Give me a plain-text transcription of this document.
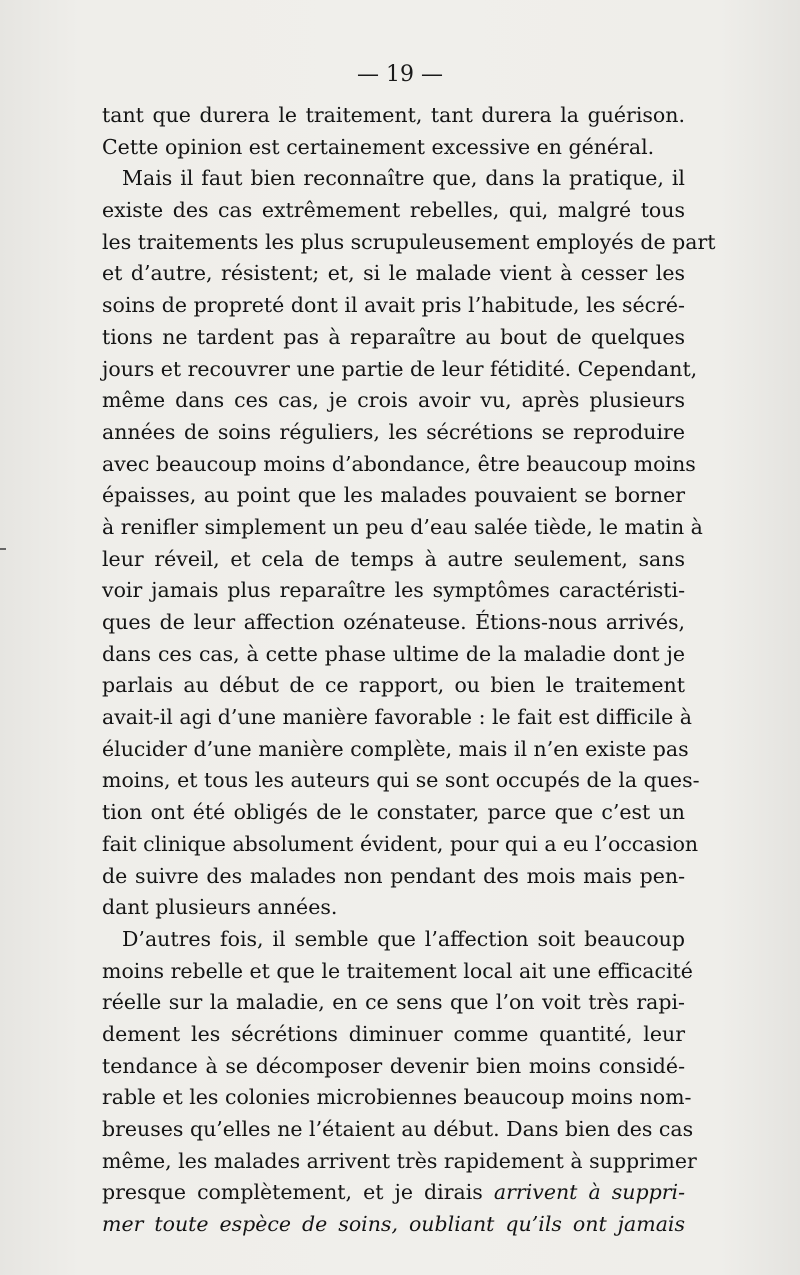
— 19 —
tant que durera le traitement, tant durera la guérison.
Cette opinion est certainement excessive en général.
Mais il faut bien reconnaître que, dans la pratique, il
existe des cas extrêmement rebelles, qui, malgré tous
les traitements les plus scrupuleusement employés de part
et d’autre, résistent; et, si le malade vient à cesser les
soins de propreté dont il avait pris l’habitude, les sécré-
tions ne tardent pas à reparaître au bout de quelques
jours et recouvrer une partie de leur fétidité. Cependant,
même dans ces cas, je crois avoir vu, après plusieurs
années de soins réguliers, les sécrétions se reproduire
avec beaucoup moins d’abondance, être beaucoup moins
épaisses, au point que les malades pouvaient se borner
à renifler simplement un peu d’eau salée tiède, le matin à
leur réveil, et cela de temps à autre seulement, sans
voir jamais plus reparaître les symptômes caractéristi-
ques de leur affection ozénateuse. Étions-nous arrivés,
dans ces cas, à cette phase ultime de la maladie dont je
parlais au début de ce rapport, ou bien le traitement
avait-il agi d’une manière favorable : le fait est difficile à
élucider d’une manière complète, mais il n’en existe pas
moins, et tous les auteurs qui se sont occupés de la ques-
tion ont été obligés de le constater, parce que c’est un
fait clinique absolument évident, pour qui a eu l’occasion
de suivre des malades non pendant des mois mais pen-
dant plusieurs années.
D’autres fois, il semble que l’affection soit beaucoup
moins rebelle et que le traitement local ait une efficacité
réelle sur la maladie, en ce sens que l’on voit très rapi-
dement les sécrétions diminuer comme quantité, leur
tendance à se décomposer devenir bien moins considé-
rable et les colonies microbiennes beaucoup moins nom-
breuses qu’elles ne l’étaient au début. Dans bien des cas
même, les malades arrivent très rapidement à supprimer
presque complètement, et je dirais arrivent à suppri-
mer toute espèce de soins, oubliant qu’ils ont jamais
